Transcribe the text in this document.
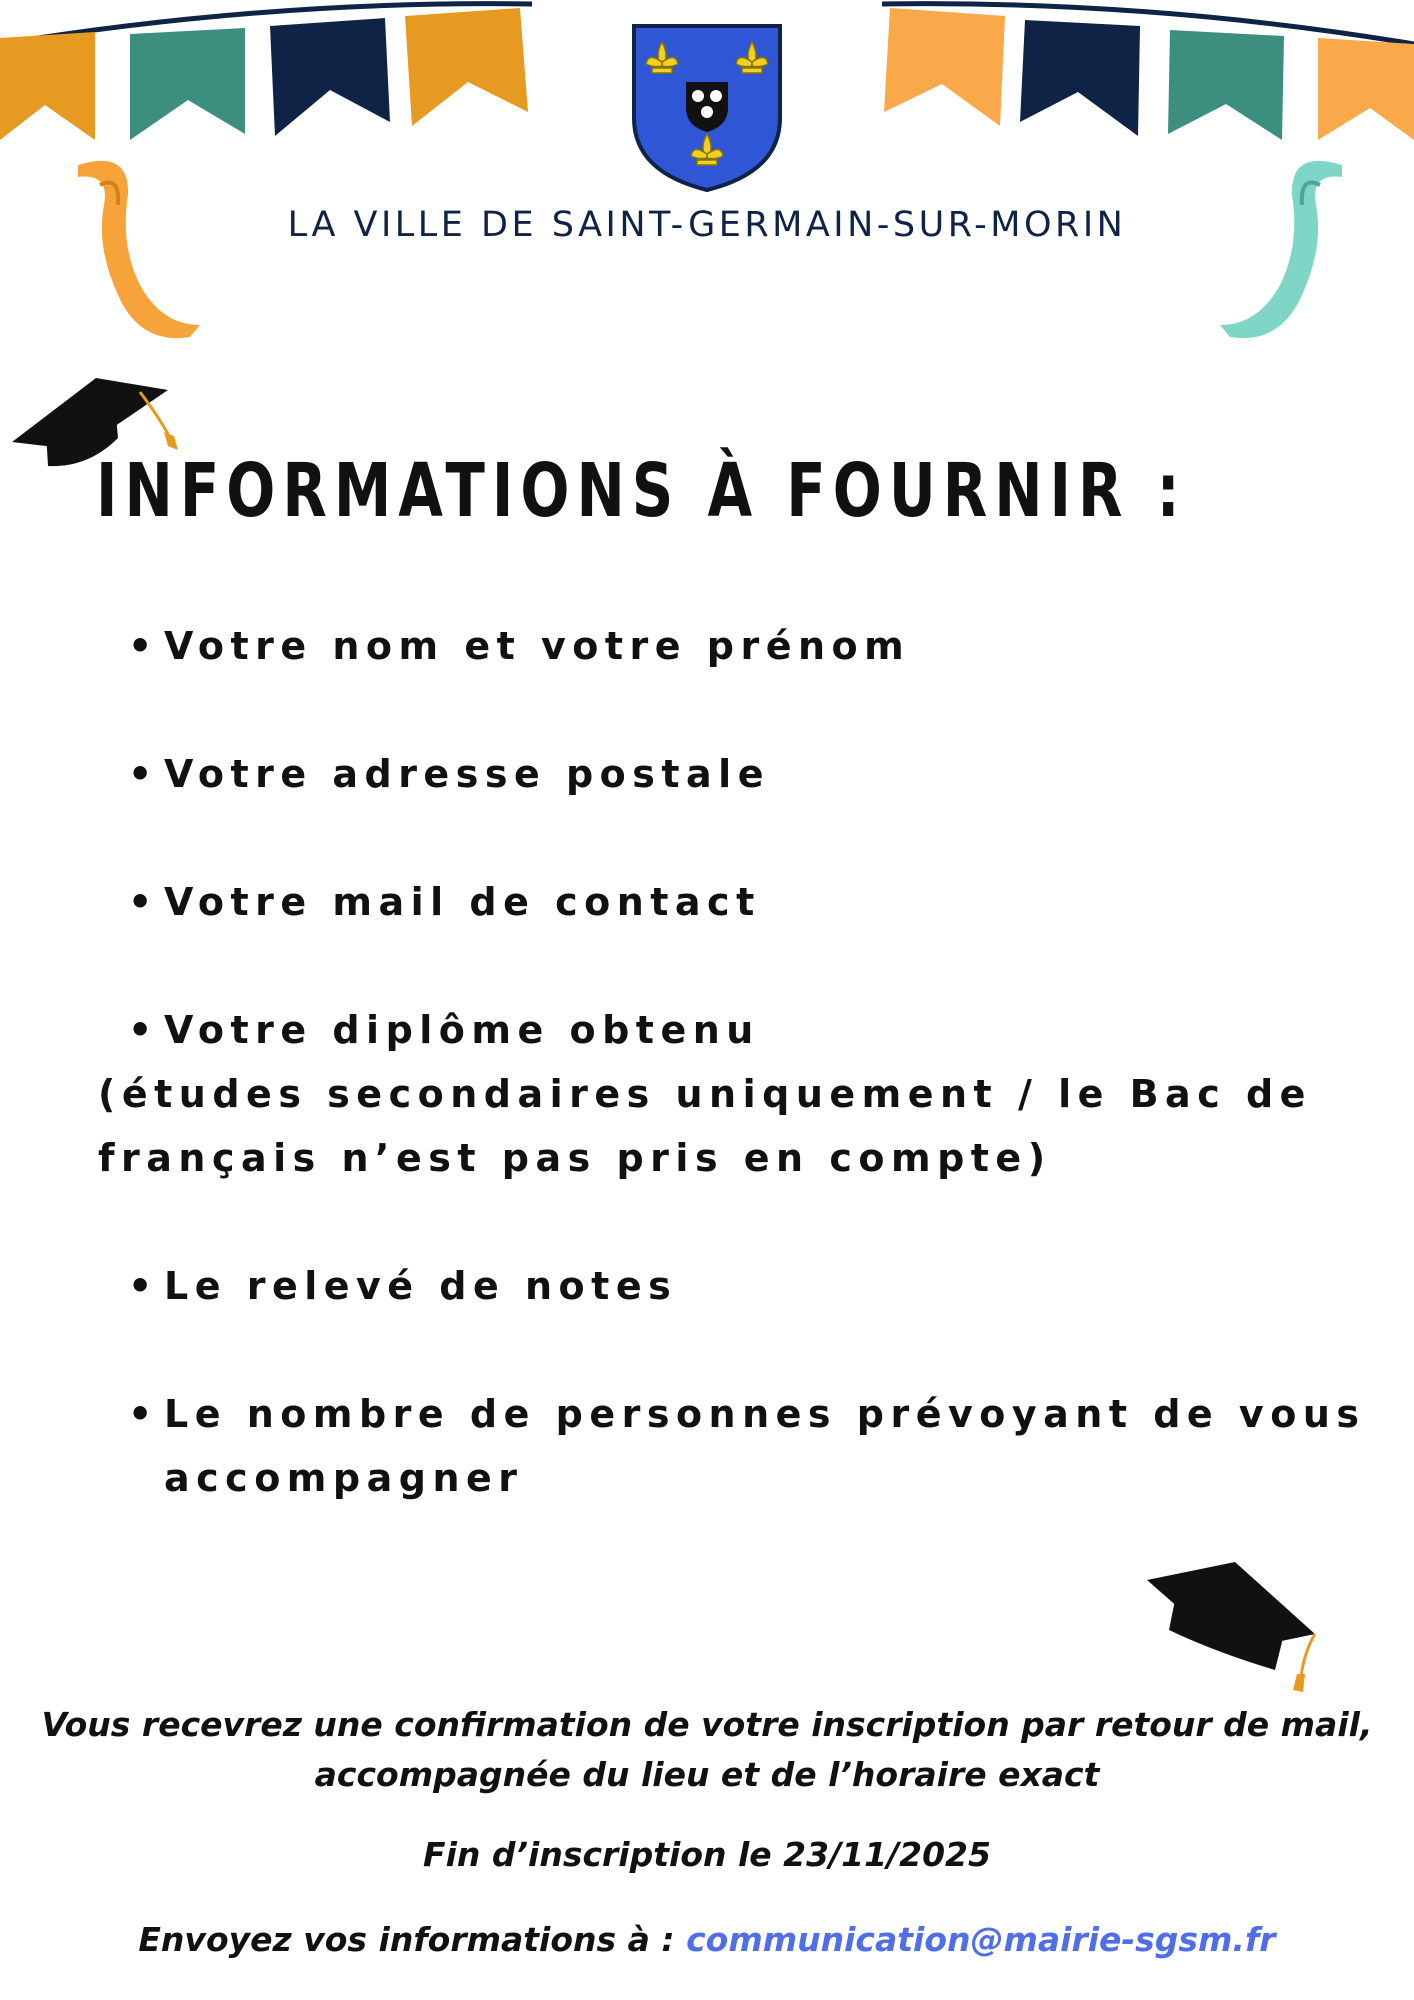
LA VILLE DE SAINT-GERMAIN-SUR-MORIN
INFORMATIONS À FOURNIR :
• Votre nom et votre prénom
• Votre adresse postale
• Votre mail de contact
• Votre diplôme obtenu
(études secondaires uniquement / le Bac de
français n’est pas pris en compte)
• Le relevé de notes
• Le nombre de personnes prévoyant de vous
accompagner
Vous recevrez une confirmation de votre inscription par retour de mail,
accompagnée du lieu et de l’horaire exact
Fin d’inscription le 23/11/2025
Envoyez vos informations à : communication@mairie-sgsm.fr
